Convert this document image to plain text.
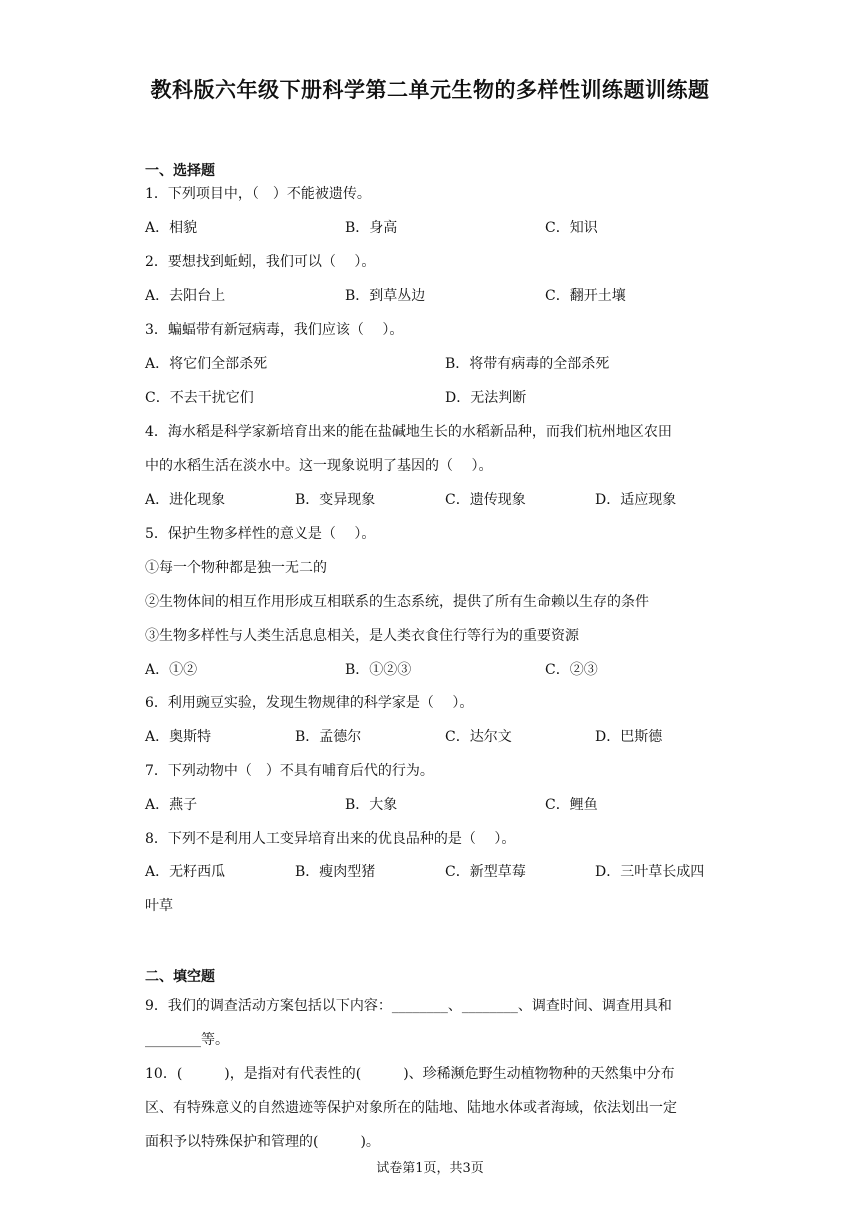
教科版六年级下册科学第二单元生物的多样性训练题训练题
一、选择题
1．下列项目中，（　）不能被遗传。
A．相貌	B．身高	C．知识
2．要想找到蚯蚓，我们可以（　 ）。
A．去阳台上	B．到草丛边	C．翻开土壤
3．蝙蝠带有新冠病毒，我们应该（　 ）。
A．将它们全部杀死	B．将带有病毒的全部杀死
C．不去干扰它们	D．无法判断
4．海水稻是科学家新培育出来的能在盐碱地生长的水稻新品种，而我们杭州地区农田
中的水稻生活在淡水中。这一现象说明了基因的（　 ）。
A．进化现象	B．变异现象	C．遗传现象	D．适应现象
5．保护生物多样性的意义是（　 ）。
①每一个物种都是独一无二的
②生物体间的相互作用形成互相联系的生态系统，提供了所有生命赖以生存的条件
③生物多样性与人类生活息息相关，是人类衣食住行等行为的重要资源
A．①②	B．①②③	C．②③
6．利用豌豆实验，发现生物规律的科学家是（　 ）。
A．奥斯特	B．孟德尔	C．达尔文	D．巴斯德
7．下列动物中（　）不具有哺育后代的行为。
A．燕子	B．大象	C．鲤鱼
8．下列不是利用人工变异培育出来的优良品种的是（　 ）。
A．无籽西瓜	B．瘦肉型猪	C．新型草莓	D．三叶草长成四
叶草
二、填空题
9．我们的调查活动方案包括以下内容：________、________、调查时间、调查用具和
________等。
10．(　　　)，是指对有代表性的(　　　)、珍稀濒危野生动植物物种的天然集中分布
区、有特殊意义的自然遗迹等保护对象所在的陆地、陆地水体或者海域，依法划出一定
面积予以特殊保护和管理的(　　　)。
试卷第1页，共3页
